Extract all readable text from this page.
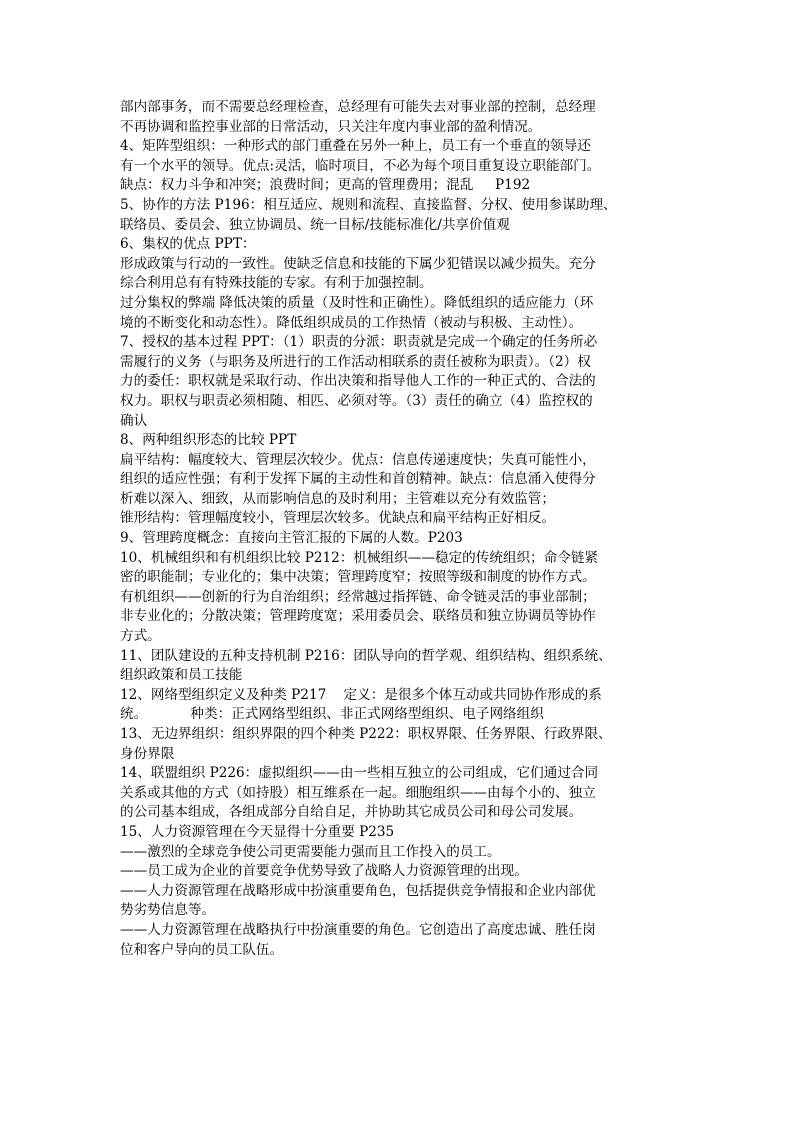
部内部事务，而不需要总经理检查，总经理有可能失去对事业部的控制，总经理
不再协调和监控事业部的日常活动，只关注年度内事业部的盈利情况。
4、矩阵型组织：一种形式的部门重叠在另外一种上，员工有一个垂直的领导还
有一个水平的领导。优点:灵活，临时项目，不必为每个项目重复设立职能部门。
缺点：权力斗争和冲突；浪费时间；更高的管理费用；混乱     P192
5、协作的方法 P196：相互适应、规则和流程、直接监督、分权、使用参谋助理、
联络员、委员会、独立协调员、统一目标/技能标准化/共享价值观
6、集权的优点 PPT：
形成政策与行动的一致性。使缺乏信息和技能的下属少犯错误以减少损失。充分
综合利用总有有特殊技能的专家。有利于加强控制。
过分集权的弊端 降低决策的质量（及时性和正确性）。降低组织的适应能力（环
境的不断变化和动态性）。降低组织成员的工作热情（被动与积极、主动性）。
7、授权的基本过程 PPT：（1）职责的分派：职责就是完成一个确定的任务所必
需履行的义务（与职务及所进行的工作活动相联系的责任被称为职责）。（2）权
力的委任：职权就是采取行动、作出决策和指导他人工作的一种正式的、合法的
权力。职权与职责必须相随、相匹、必须对等。（3）责任的确立（4）监控权的
确认
8、两种组织形态的比较 PPT
扁平结构：幅度较大、管理层次较少。优点：信息传递速度快；失真可能性小，
组织的适应性强；有利于发挥下属的主动性和首创精神。缺点：信息涌入使得分
析难以深入、细致，从而影响信息的及时利用；主管难以充分有效监管；
锥形结构：管理幅度较小，管理层次较多。优缺点和扁平结构正好相反。
9、管理跨度概念：直接向主管汇报的下属的人数。P203
10、机械组织和有机组织比较 P212：机械组织——稳定的传统组织；命令链紧
密的职能制；专业化的；集中决策；管理跨度窄；按照等级和制度的协作方式。
有机组织——创新的行为自治组织；经常越过指挥链、命令链灵活的事业部制；
非专业化的；分散决策；管理跨度宽；采用委员会、联络员和独立协调员等协作
方式。
11、团队建设的五种支持机制 P216：团队导向的哲学观、组织结构、组织系统、
组织政策和员工技能
12、网络型组织定义及种类 P217    定义：是很多个体互动或共同协作形成的系
统。          种类：正式网络型组织、非正式网络型组织、电子网络组织
13、无边界组织：组织界限的四个种类 P222：职权界限、任务界限、行政界限、
身份界限
14、联盟组织 P226：虚拟组织——由一些相互独立的公司组成，它们通过合同
关系或其他的方式（如持股）相互维系在一起。细胞组织——由每个小的、独立
的公司基本组成，各组成部分自给自足，并协助其它成员公司和母公司发展。
15、人力资源管理在今天显得十分重要 P235
——激烈的全球竞争使公司更需要能力强而且工作投入的员工。
——员工成为企业的首要竞争优势导致了战略人力资源管理的出现。
——人力资源管理在战略形成中扮演重要角色，包括提供竞争情报和企业内部优
势劣势信息等。
——人力资源管理在战略执行中扮演重要的角色。它创造出了高度忠诚、胜任岗
位和客户导向的员工队伍。
